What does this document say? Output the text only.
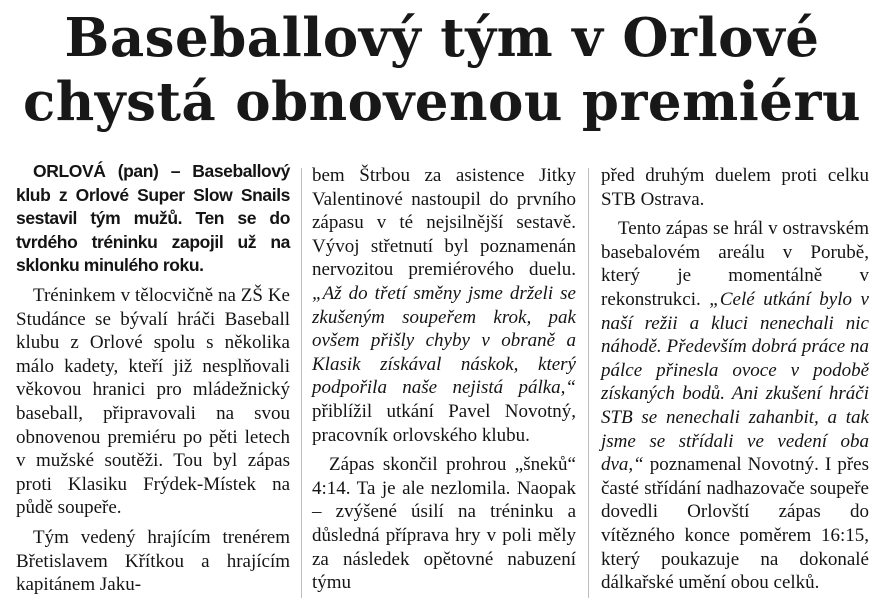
Baseballový tým v Orlové
chystá obnovenou premiéru

ORLOVÁ (pan) – Baseballový klub z Orlové Super Slow Snails sestavil tým mužů. Ten se do tvrdého tréninku zapojil už na sklonku minulého roku.

Tréninkem v tělocvičně na ZŠ Ke Studánce se bývalí hráči Baseball klubu z Orlové spolu s několika málo kadety, kteří již nesplňovali věkovou hranici pro mládežnický baseball, připravovali na svou obnovenou premiéru po pěti letech v mužské soutěži. Tou byl zápas proti Klasiku Frýdek-Místek na půdě soupeře.

Tým vedený hrajícím trenérem Břetislavem Křítkou a hrajícím kapitánem Jaku-

bem Štrbou za asistence Jitky Valentinové nastoupil do prvního zápasu v té nejsilnější sestavě. Vývoj střetnutí byl poznamenán nervozitou premiérového duelu. „Až do třetí směny jsme drželi se zkušeným soupeřem krok, pak ovšem přišly chyby v obraně a Klasik získával náskok, který podpořila naše nejistá pálka,“ přiblížil utkání Pavel Novotný, pracovník orlovského klubu.

Zápas skončil prohrou „šneků“ 4:14. Ta je ale nezlomila. Naopak – zvýšené úsilí na tréninku a důsledná příprava hry v poli měly za následek opětovné nabuzení týmu

před druhým duelem proti celku STB Ostrava.

Tento zápas se hrál v ostravském basebalovém areálu v Porubě, který je momentálně v rekonstrukci. „Celé utkání bylo v naší režii a kluci nenechali nic náhodě. Především dobrá práce na pálce přinesla ovoce v podobě získaných bodů. Ani zkušení hráči STB se nenechali zahanbit, a tak jsme se střídali ve vedení oba dva,“ poznamenal Novotný. I přes časté střídání nadhazovače soupeře dovedli Orlovští zápas do vítězného konce poměrem 16:15, který poukazuje na dokonalé dálkařské umění obou celků.
